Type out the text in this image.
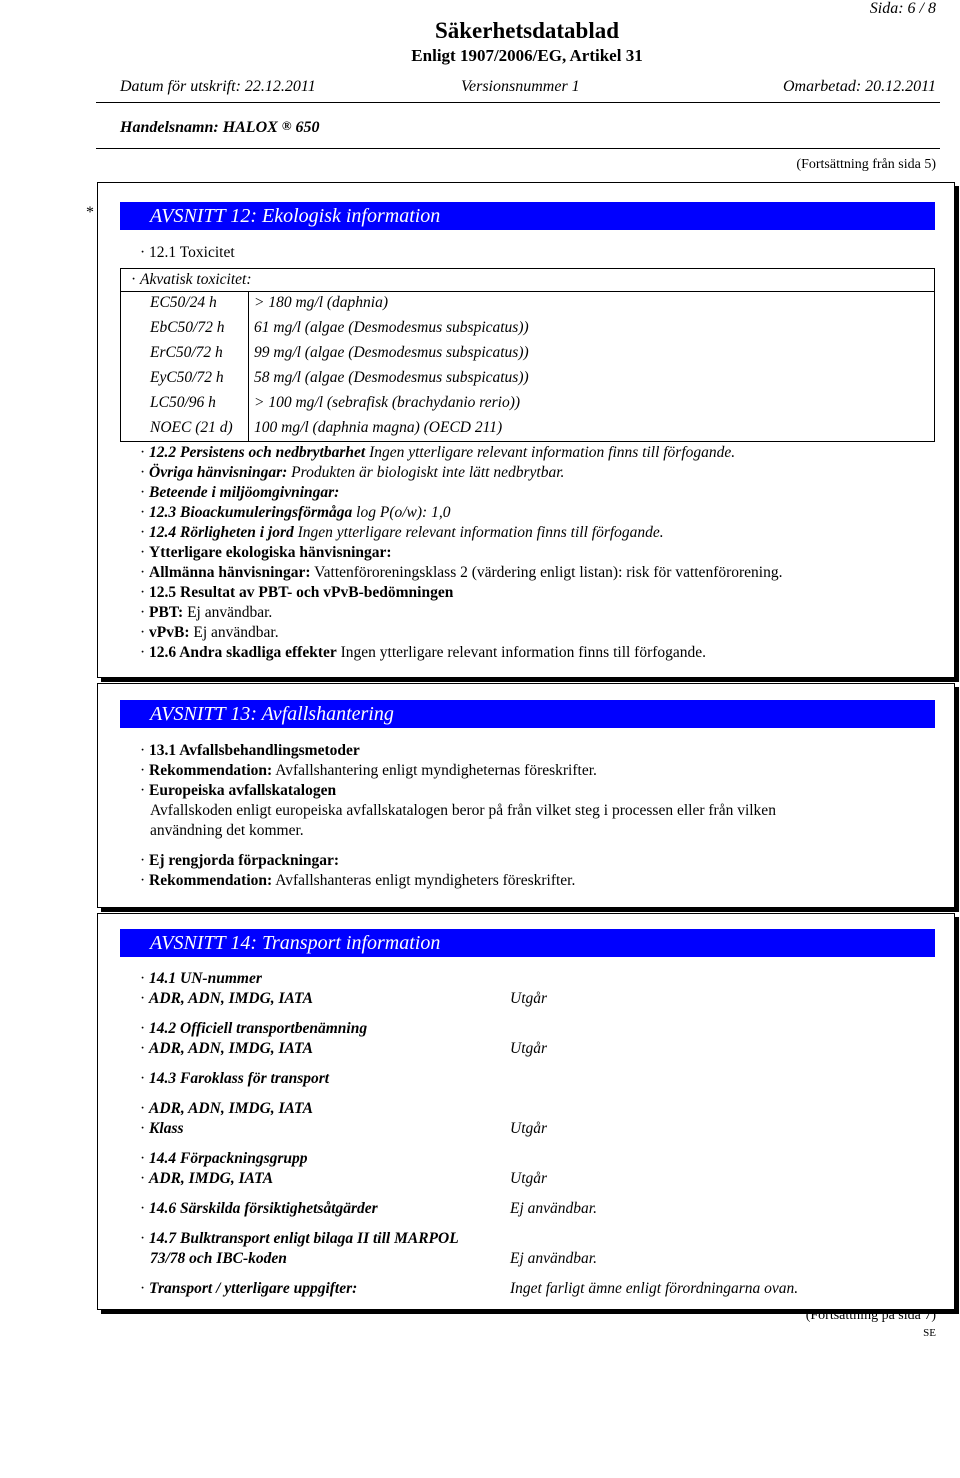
Sida: 6 / 8
Säkerhetsdatablad
Enligt 1907/2006/EG, Artikel 31
Datum för utskrift: 22.12.2011	Versionsnummer 1	Omarbetad: 20.12.2011
Handelsnamn: HALOX ® 650
(Fortsättning från sida 5)
*	AVSNITT 12: Ekologisk information
· 12.1 Toxicitet
· Akvatisk toxicitet:
EC50/24 h > 180 mg/l (daphnia)
EbC50/72 h 61 mg/l (algae (Desmodesmus subspicatus))
ErC50/72 h 99 mg/l (algae (Desmodesmus subspicatus))
EyC50/72 h 58 mg/l (algae (Desmodesmus subspicatus))
LC50/96 h > 100 mg/l (sebrafisk (brachydanio rerio))
NOEC (21 d) 100 mg/l (daphnia magna) (OECD 211)
· 12.2 Persistens och nedbrytbarhet Ingen ytterligare relevant information finns till förfogande.
· Övriga hänvisningar: Produkten är biologiskt inte lätt nedbrytbar.
· Beteende i miljöomgivningar:
· 12.3 Bioackumuleringsförmåga log P(o/w): 1,0
· 12.4 Rörligheten i jord Ingen ytterligare relevant information finns till förfogande.
· Ytterligare ekologiska hänvisningar:
· Allmänna hänvisningar: Vattenföroreningsklass 2 (värdering enligt listan): risk för vattenförorening.
· 12.5 Resultat av PBT- och vPvB-bedömningen
· PBT: Ej användbar.
· vPvB: Ej användbar.
· 12.6 Andra skadliga effekter Ingen ytterligare relevant information finns till förfogande.
AVSNITT 13: Avfallshantering
· 13.1 Avfallsbehandlingsmetoder
· Rekommendation: Avfallshantering enligt myndigheternas föreskrifter.
· Europeiska avfallskatalogen
Avfallskoden enligt europeiska avfallskatalogen beror på från vilket steg i processen eller från vilken
användning det kommer.
· Ej rengjorda förpackningar:
· Rekommendation: Avfallshanteras enligt myndigheters föreskrifter.
AVSNITT 14: Transport information
· 14.1 UN-nummer
· ADR, ADN, IMDG, IATA	Utgår
· 14.2 Officiell transportbenämning
· ADR, ADN, IMDG, IATA	Utgår
· 14.3 Faroklass för transport
· ADR, ADN, IMDG, IATA
· Klass	Utgår
· 14.4 Förpackningsgrupp
· ADR, IMDG, IATA	Utgår
· 14.6 Särskilda försiktighetsåtgärder	Ej användbar.
· 14.7 Bulktransport enligt bilaga II till MARPOL
73/78 och IBC-koden	Ej användbar.
· Transport / ytterligare uppgifter:	Inget farligt ämne enligt förordningarna ovan.
(Fortsättning på sida 7)
SE
